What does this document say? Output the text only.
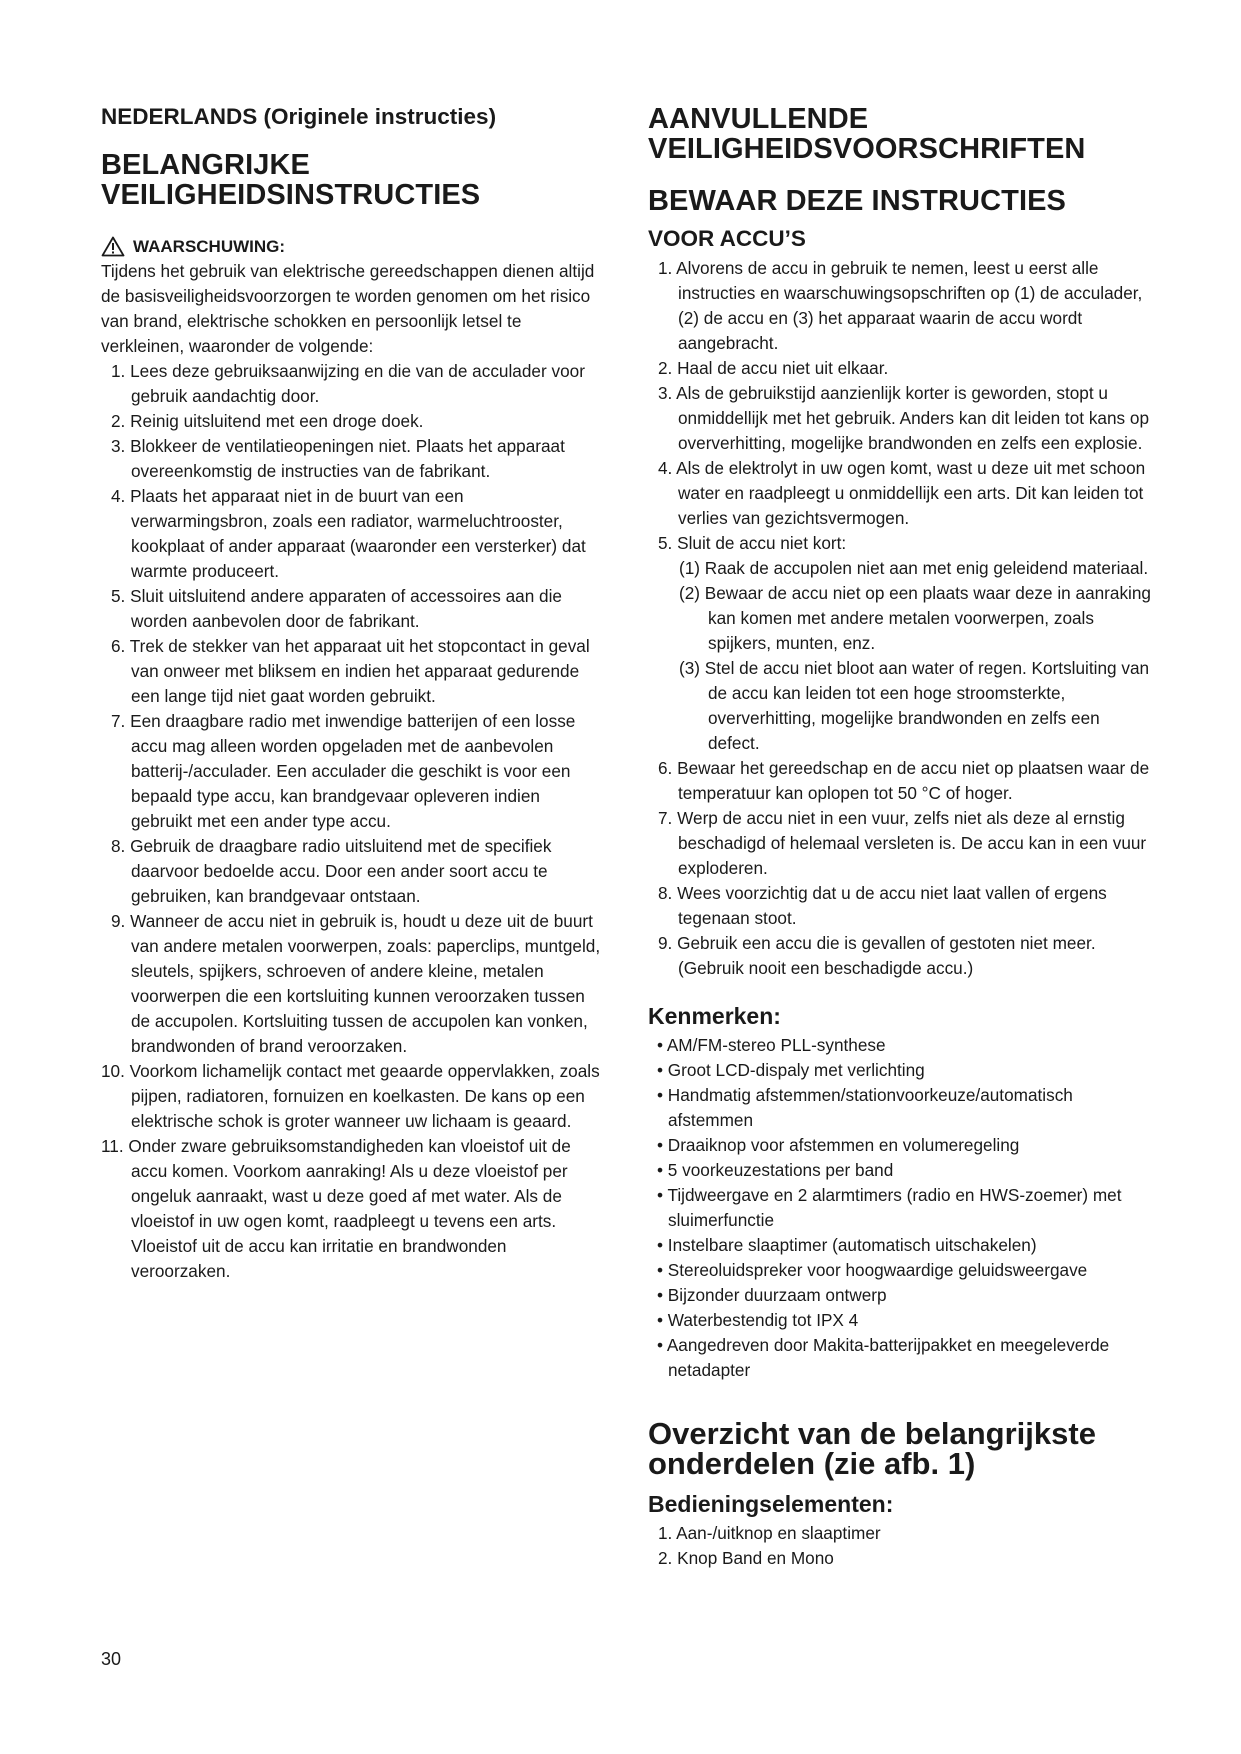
NEDERLANDS (Originele instructies)
BELANGRIJKE VEILIGHEIDSINSTRUCTIES
WAARSCHUWING:

Tijdens het gebruik van elektrische gereedschappen dienen altijd de basisveiligheidsvoorzorgen te worden genomen om het risico van brand, elektrische schokken en persoonlijk letsel te verkleinen, waaronder de volgende:

1. Lees deze gebruiksaanwijzing en die van de acculader voor gebruik aandachtig door.
2. Reinig uitsluitend met een droge doek.
3. Blokkeer de ventilatieopeningen niet. Plaats het apparaat overeenkomstig de instructies van de fabrikant.
4. Plaats het apparaat niet in de buurt van een verwarmingsbron, zoals een radiator, warmeluchtrooster, kookplaat of ander apparaat (waaronder een versterker) dat warmte produceert.
5. Sluit uitsluitend andere apparaten of accessoires aan die worden aanbevolen door de fabrikant.
6. Trek de stekker van het apparaat uit het stopcontact in geval van onweer met bliksem en indien het apparaat gedurende een lange tijd niet gaat worden gebruikt.
7. Een draagbare radio met inwendige batterijen of een losse accu mag alleen worden opgeladen met de aanbevolen batterij-/acculader. Een acculader die geschikt is voor een bepaald type accu, kan brandgevaar opleveren indien gebruikt met een ander type accu.
8. Gebruik de draagbare radio uitsluitend met de specifiek daarvoor bedoelde accu. Door een ander soort accu te gebruiken, kan brandgevaar ontstaan.
9. Wanneer de accu niet in gebruik is, houdt u deze uit de buurt van andere metalen voorwerpen, zoals: paperclips, muntgeld, sleutels, spijkers, schroeven of andere kleine, metalen voorwerpen die een kortsluiting kunnen veroorzaken tussen de accupolen. Kortsluiting tussen de accupolen kan vonken, brandwonden of brand veroorzaken.
10. Voorkom lichamelijk contact met geaarde oppervlakken, zoals pijpen, radiatoren, fornuizen en koelkasten. De kans op een elektrische schok is groter wanneer uw lichaam is geaard.
11. Onder zware gebruiksomstandigheden kan vloeistof uit de accu komen. Voorkom aanraking! Als u deze vloeistof per ongeluk aanraakt, wast u deze goed af met water. Als de vloeistof in uw ogen komt, raadpleegt u tevens een arts. Vloeistof uit de accu kan irritatie en brandwonden veroorzaken.
AANVULLENDE VEILIGHEIDSVOORSCHRIFTEN
BEWAAR DEZE INSTRUCTIES
VOOR ACCU’S
1. Alvorens de accu in gebruik te nemen, leest u eerst alle instructies en waarschuwingsopschriften op (1) de acculader, (2) de accu en (3) het apparaat waarin de accu wordt aangebracht.
2. Haal de accu niet uit elkaar.
3. Als de gebruikstijd aanzienlijk korter is geworden, stopt u onmiddellijk met het gebruik. Anders kan dit leiden tot kans op oververhitting, mogelijke brandwonden en zelfs een explosie.
4. Als de elektrolyt in uw ogen komt, wast u deze uit met schoon water en raadpleegt u onmiddellijk een arts. Dit kan leiden tot verlies van gezichtsvermogen.
5. Sluit de accu niet kort:
(1) Raak de accupolen niet aan met enig geleidend materiaal.
(2) Bewaar de accu niet op een plaats waar deze in aanraking kan komen met andere metalen voorwerpen, zoals spijkers, munten, enz.
(3) Stel de accu niet bloot aan water of regen. Kortsluiting van de accu kan leiden tot een hoge stroomsterkte, oververhitting, mogelijke brandwonden en zelfs een defect.
6. Bewaar het gereedschap en de accu niet op plaatsen waar de temperatuur kan oplopen tot 50 °C of hoger.
7. Werp de accu niet in een vuur, zelfs niet als deze al ernstig beschadigd of helemaal versleten is. De accu kan in een vuur exploderen.
8. Wees voorzichtig dat u de accu niet laat vallen of ergens tegenaan stoot.
9. Gebruik een accu die is gevallen of gestoten niet meer. (Gebruik nooit een beschadigde accu.)
Kenmerken:
• AM/FM-stereo PLL-synthese
• Groot LCD-dispaly met verlichting
• Handmatig afstemmen/stationvoorkeuze/automatisch afstemmen
• Draaiknop voor afstemmen en volumeregeling
• 5 voorkeuzestations per band
• Tijdweergave en 2 alarmtimers (radio en HWS-zoemer) met sluimerfunctie
• Instelbare slaaptimer (automatisch uitschakelen)
• Stereoluidspreker voor hoogwaardige geluidsweergave
• Bijzonder duurzaam ontwerp
• Waterbestendig tot IPX 4
• Aangedreven door Makita-batterijpakket en meegeleverde netadapter
Overzicht van de belangrijkste onderdelen (zie afb. 1)
Bedieningselementen:
1. Aan-/uitknop en slaaptimer
2. Knop Band en Mono
30
